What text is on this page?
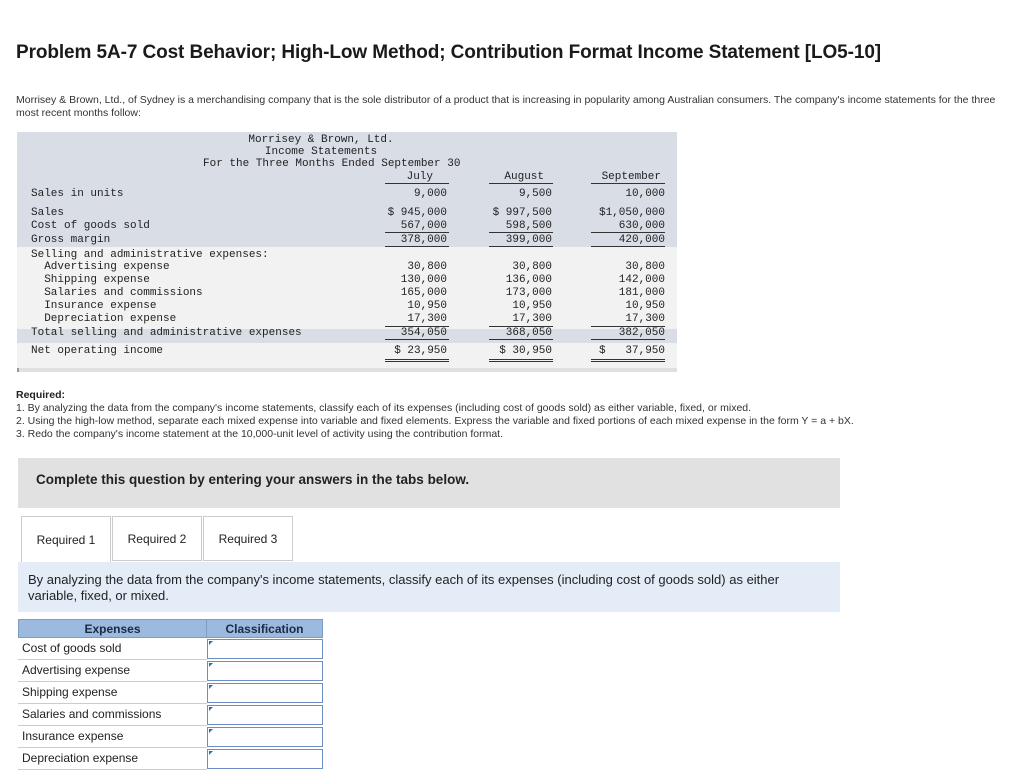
Problem 5A-7 Cost Behavior; High-Low Method; Contribution Format Income Statement [LO5-10]
Morrisey & Brown, Ltd., of Sydney is a merchandising company that is the sole distributor of a product that is increasing in popularity among Australian consumers. The company's income statements for the three most recent months follow:
Morrisey & Brown, Ltd.
Income Statements
For the Three Months Ended September 30
July	August	September
Sales in units	9,000	9,500	10,000
Sales	$ 945,000	$ 997,500	$1,050,000
Cost of goods sold	567,000	598,500	630,000
Gross margin	378,000	399,000	420,000
Selling and administrative expenses:
Advertising expense	30,800	30,800	30,800
Shipping expense	130,000	136,000	142,000
Salaries and commissions	165,000	173,000	181,000
Insurance expense	10,950	10,950	10,950
Depreciation expense	17,300	17,300	17,300
Total selling and administrative expenses	354,050	368,050	382,050
Net operating income	$ 23,950	$ 30,950	$   37,950
Required:
1. By analyzing the data from the company's income statements, classify each of its expenses (including cost of goods sold) as either variable, fixed, or mixed.
2. Using the high-low method, separate each mixed expense into variable and fixed elements. Express the variable and fixed portions of each mixed expense in the form Y = a + bX.
3. Redo the company's income statement at the 10,000-unit level of activity using the contribution format.
Complete this question by entering your answers in the tabs below.
Required 1	Required 2	Required 3
By analyzing the data from the company's income statements, classify each of its expenses (including cost of goods sold) as either variable, fixed, or mixed.
Expenses	Classification
Cost of goods sold
Advertising expense
Shipping expense
Salaries and commissions
Insurance expense
Depreciation expense
